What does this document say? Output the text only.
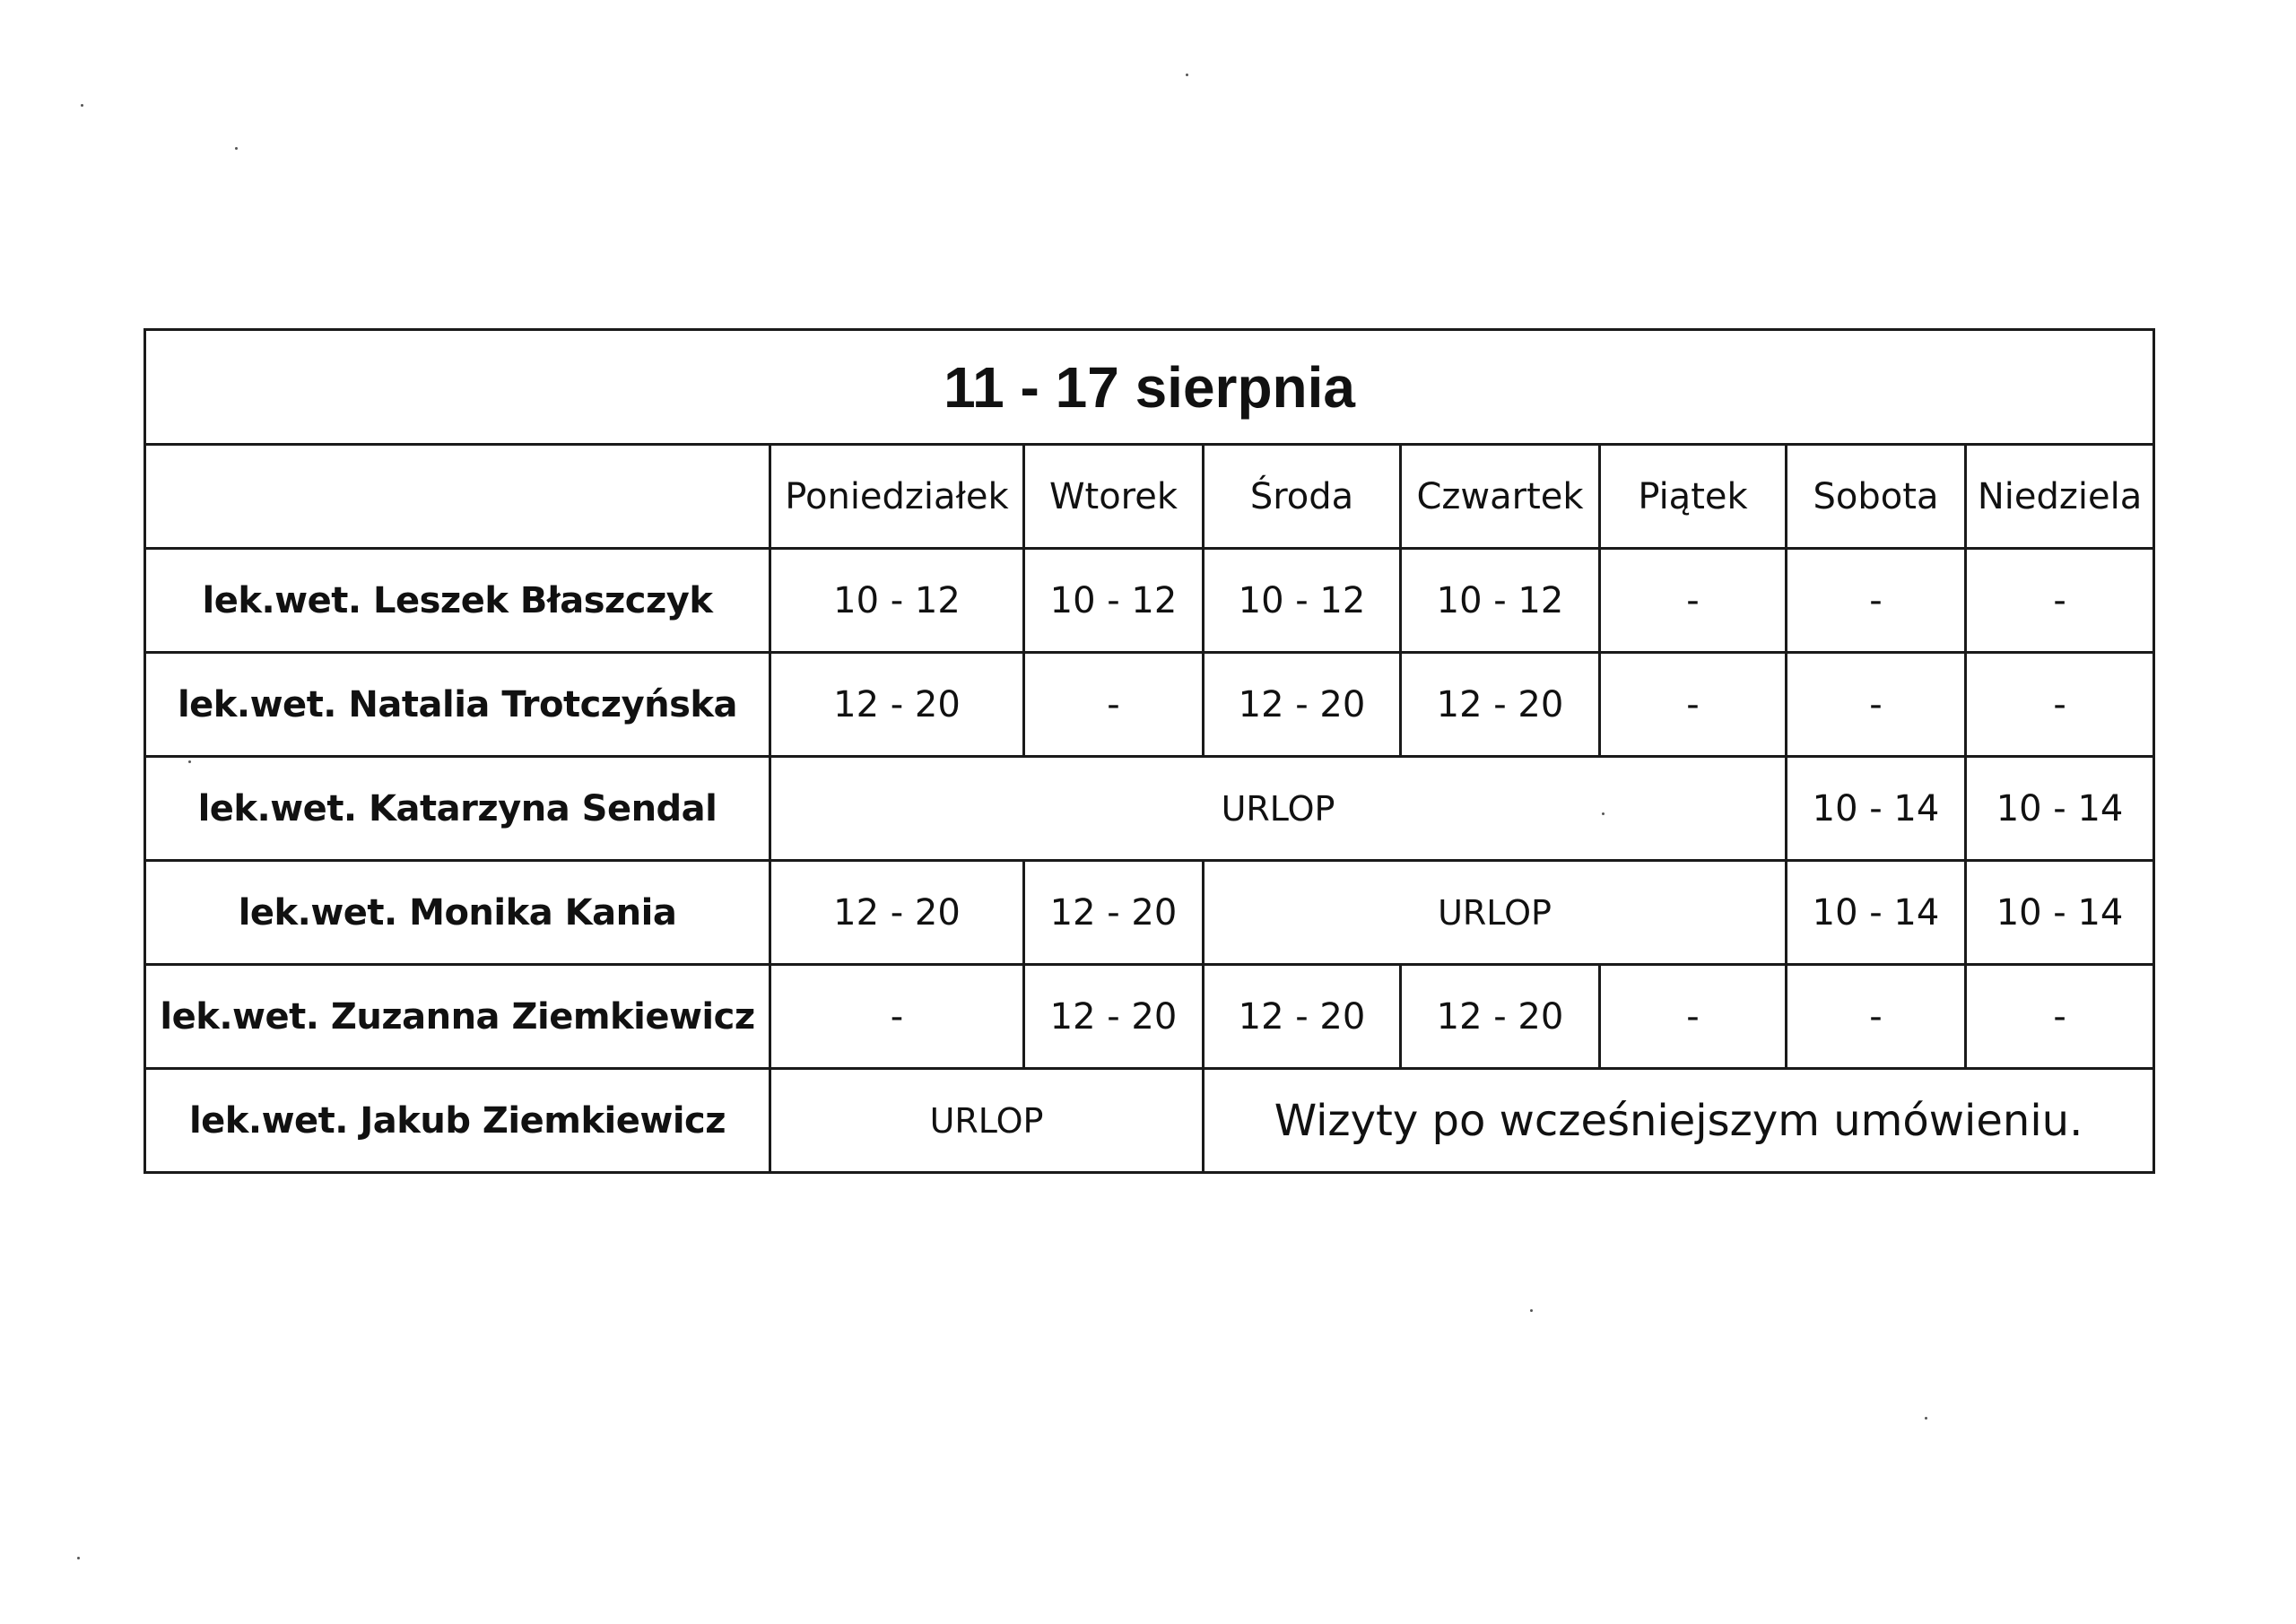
11 - 17 sierpnia							
	Poniedziałek	Wtorek	Środa	Czwartek	Piątek	Sobota	Niedziela
lek.wet. Leszek Błaszczyk	10 - 12	10 - 12	10 - 12	10 - 12	-	-	-
lek.wet. Natalia Trotczyńska	12 - 20	-	12 - 20	12 - 20	-	-	-
lek.wet. Katarzyna Sendal	URLOP					10 - 14	10 - 14
lek.wet. Monika Kania	12 - 20	12 - 20	URLOP			10 - 14	10 - 14
lek.wet. Zuzanna Ziemkiewicz	-	12 - 20	12 - 20	12 - 20	-	-	-
lek.wet. Jakub Ziemkiewicz	URLOP		Wizyty po wcześniejszym umówieniu.				
